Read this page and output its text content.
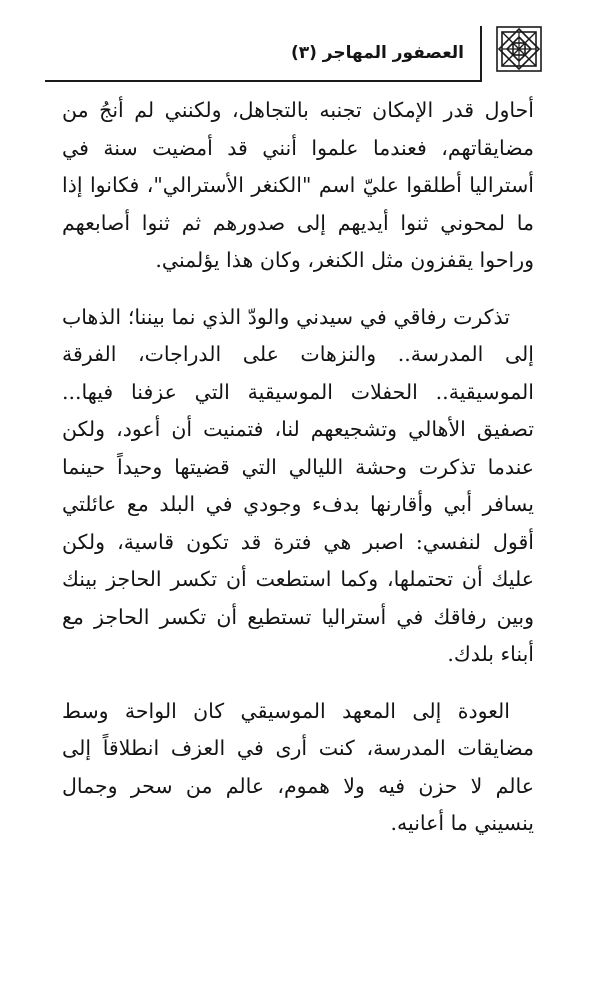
العصفور المهاجر (٣)

أحاول قدر الإمكان تجنبه بالتجاهل، ولكنني لم أنجُ من مضايقاتهم، فعندما علموا أنني قد أمضيت سنة في أستراليا أطلقوا عليّ اسم "الكنغر الأسترالي"، فكانوا إذا ما لمحوني ثنوا أيديهم إلى صدورهم ثم ثنوا أصابعهم وراحوا يقفزون مثل الكنغر، وكان هذا يؤلمني.

تذكرت رفاقي في سيدني والودّ الذي نما بيننا؛ الذهاب إلى المدرسة.. والنزهات على الدراجات، الفرقة الموسيقية.. الحفلات الموسيقية التي عزفنا فيها... تصفيق الأهالي وتشجيعهم لنا، فتمنيت أن أعود، ولكن عندما تذكرت وحشة الليالي التي قضيتها وحيداً حينما يسافر أبي وأقارنها بدفء وجودي في البلد مع عائلتي أقول لنفسي: اصبر هي فترة قد تكون قاسية، ولكن عليك أن تحتملها، وكما استطعت أن تكسر الحاجز بينك وبين رفاقك في أستراليا تستطيع أن تكسر الحاجز مع أبناء بلدك.

العودة إلى المعهد الموسيقي كان الواحة وسط مضايقات المدرسة، كنت أرى في العزف انطلاقاً إلى عالم لا حزن فيه ولا هموم، عالم من سحر وجمال ينسيني ما أعانيه.
